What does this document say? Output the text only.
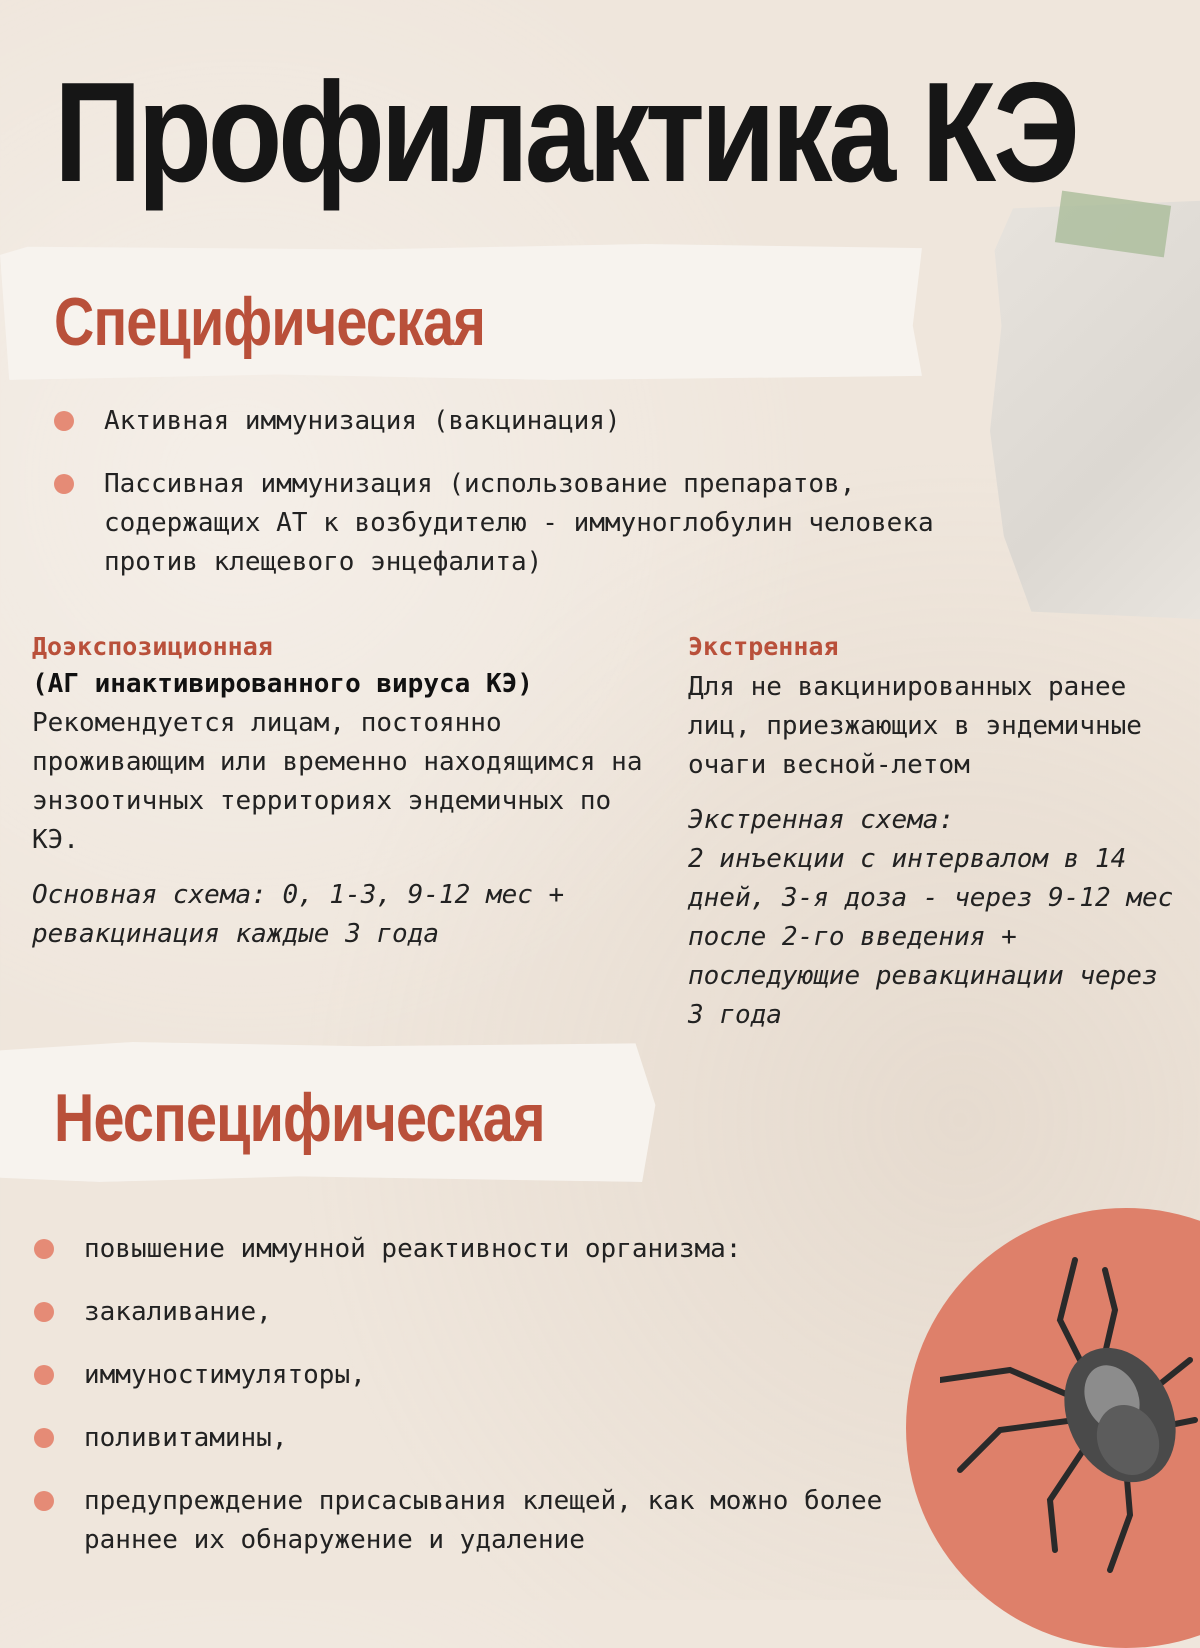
Профилактика КЭ
Специфическая
Активная иммунизация (вакцинация)
Пассивная иммунизация (использование препаратов, содержащих АТ к возбудителю - иммуноглобулин человека против клещевого энцефалита)

Доэкспозиционная

(АГ инактивированного вируса КЭ)

Рекомендуется лицам, постоянно проживающим или временно находящимся на энзоотичных территориях эндемичных по КЭ.

Основная схема: 0, 1-3, 9-12 мес + ревакцинация каждые 3 года

Экстренная

Для не вакцинированных ранее лиц, приезжающих в эндемичные очаги весной-летом

Экстренная схема:

2 инъекции с интервалом в 14 дней, 3-я доза - через 9-12 мес после 2-го введения + последующие ревакцинации через 3 года

Неспецифическая
повышение иммунной реактивности организма:
закаливание,
иммуностимуляторы,
поливитамины,
предупреждение присасывания клещей, как можно более раннее их обнаружение и удаление
